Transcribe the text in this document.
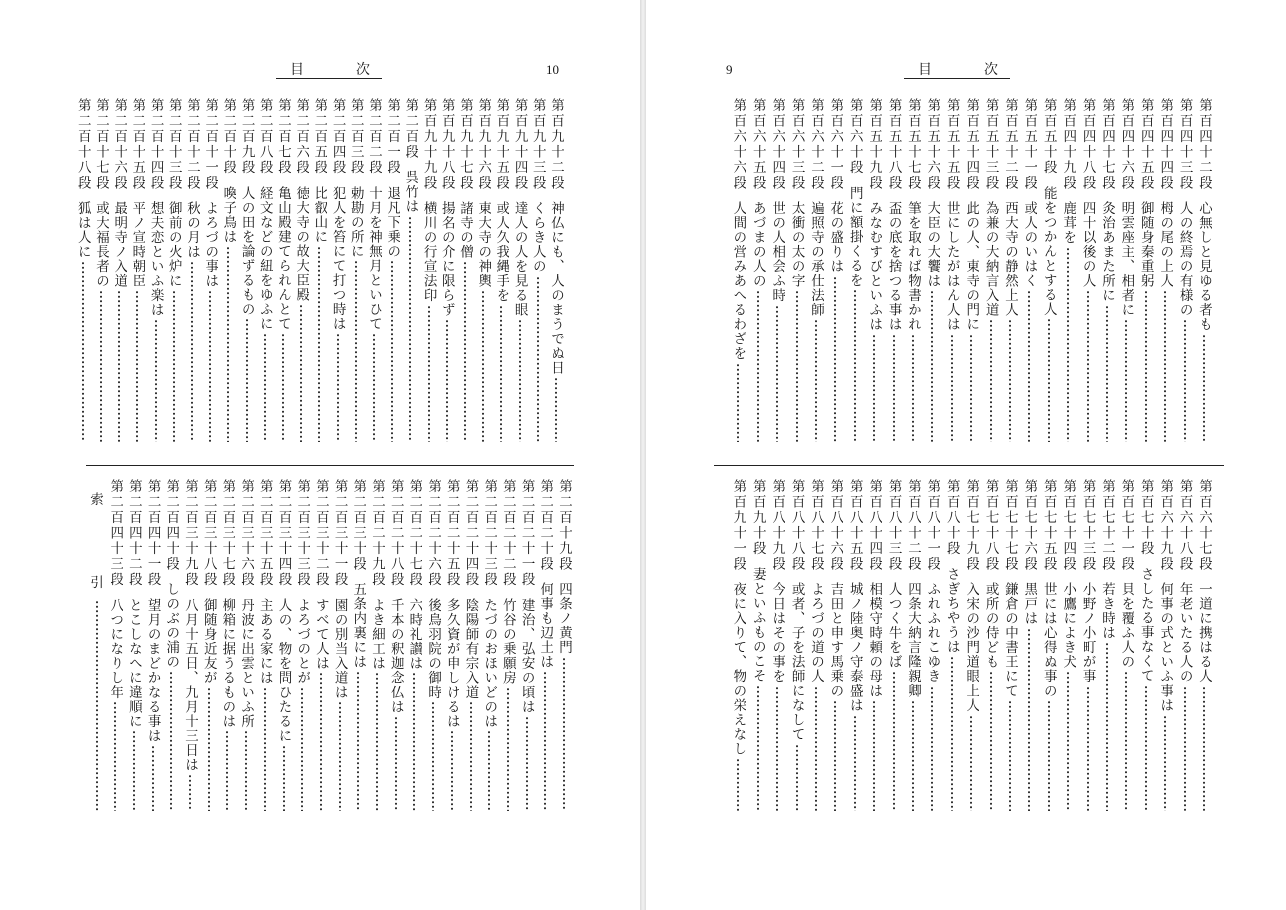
10
目	次
索
引
第百九十二段
神仏にも、人のまうでぬ日
第百九十三段
くらき人の
第百九十四段
達人の人を見る眼
第百九十五段
或人久我縄手を
第百九十六段
東大寺の神輿
第百九十七段
諸寺の僧
第百九十八段
揚名の介に限らず
第百九十九段
横川の行宣法印
第二百段
呉竹は
第二百一段
退凡下乗の
第二百二段
十月を神無月といひて
第二百三段
勅勘の所に
第二百四段
犯人を笞にて打つ時は
第二百五段
比叡山に
第二百六段
徳大寺の故大臣殿
第二百七段
亀山殿建てられんとて
第二百八段
経文などの紐をゆふに
第二百九段
人の田を論ずるもの
第二百十段
喚子鳥は
第二百十一段
よろづの事は
第二百十二段
秋の月は
第二百十三段
御前の火炉に
第二百十四段
想夫恋といふ楽は
第二百十五段
平ノ宣時朝臣
第二百十六段
最明寺ノ入道
第二百十七段
或大福長者の
第二百十八段
狐は人に
第二百十九段
四条ノ黄門
第二百二十段
何事も辺土は
第二百二十一段
建治、弘安の頃は
第二百二十二段
竹谷の乗願房
第二百二十三段
たづのおほいどのは
第二百二十四段
陰陽師有宗入道
第二百二十五段
多久資が申しけるは
第二百二十六段
後鳥羽院の御時
第二百二十七段
六時礼讃は
第二百二十八段
千本の釈迦念仏は
第二百二十九段
よき細工は
第二百三十段
五条内裏には
第二百三十一段
園の別当入道は
第二百三十二段
すべて人は
第二百三十三段
よろづのとが
第二百三十四段
人の、物を問ひたるに
第二百三十五段
主ある家には
第二百三十六段
丹波に出雲といふ所
第二百三十七段
柳箱に据うるものは
第二百三十八段
御随身近友が
第二百三十九段
八月十五日、九月十三日は
第二百四十段
しのぶの浦の
第二百四十一段
望月のまどかなる事は
第二百四十二段
とこしなへに違順に
第二百四十三段
八つになりし年
9	目	次
第百四十二段
心無しと見ゆる者も
第百四十三段
人の終焉の有様の
第百四十四段
栂の尾の上人
第百四十五段
御随身秦重躬
第百四十六段
明雲座主、相者に
第百四十七段
灸治あまた所に
第百四十八段
四十以後の人
第百四十九段
鹿茸を
第百五十段
能をつかんとする人
第百五十一段
或人のいはく
第百五十二段
西大寺の静然上人
第百五十三段
為兼の大納言入道
第百五十四段
此の人、東寺の門に
第百五十五段
世にしたがはん人は
第百五十六段
大臣の大饗は
第百五十七段
筆を取れば物書かれ
第百五十八段
盃の底を捨つる事は
第百五十九段
みなむすびといふは
第百六十段
門に額掛くるを
第百六十一段
花の盛りは
第百六十二段
遍照寺の承仕法師
第百六十三段
太衝の太の字
第百六十四段
世の人相会ふ時
第百六十五段
あづまの人の
第百六十六段
人間の営みあへるわざを
第百六十七段
一道に携はる人
第百六十八段
年老いたる人の
第百六十九段
何事の式といふ事は
第百七十段
さしたる事なくて
第百七十一段
貝を覆ふ人の
第百七十二段
若き時は
第百七十三段
小野ノ小町が事
第百七十四段
小鷹によき犬
第百七十五段
世には心得ぬ事の
第百七十六段
黒戸は
第百七十七段
鎌倉の中書王にて
第百七十八段
或所の侍ども
第百七十九段
入宋の沙門道眼上人
第百八十段
さぎちやうは
第百八十一段
ふれふれこゆき
第百八十二段
四条大納言隆親卿
第百八十三段
人つく牛をば
第百八十四段
相模守時頼の母は
第百八十五段
城ノ陸奥ノ守泰盛は
第百八十六段
吉田と申す馬乗の
第百八十七段
よろづの道の人
第百八十八段
或者、子を法師になして
第百八十九段
今日はその事を
第百九十段
妻といふものこそ
第百九十一段
夜に入りて、物の栄えなし
